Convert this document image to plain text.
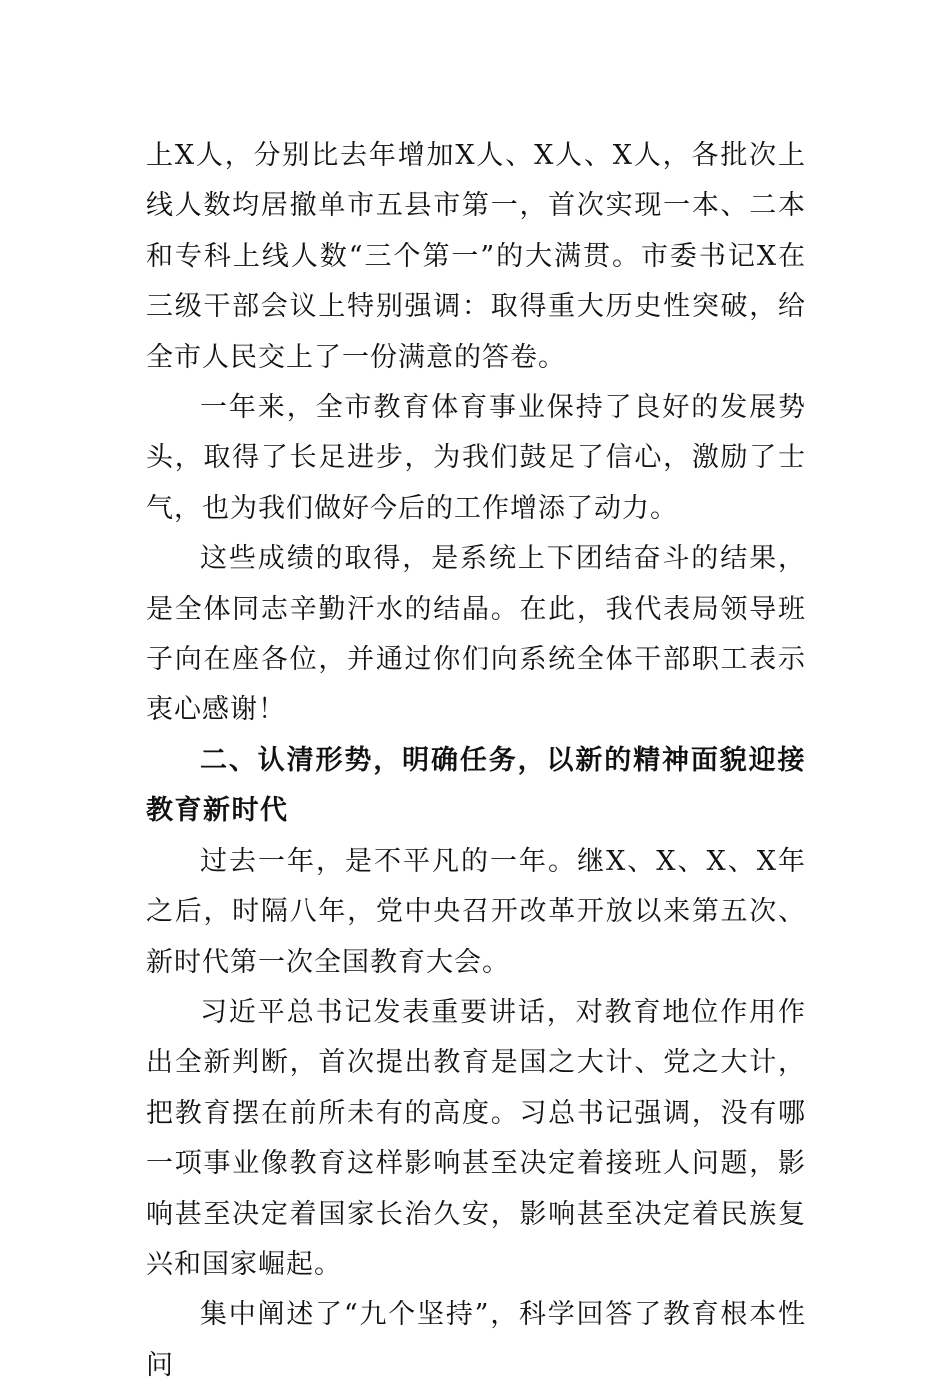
上X人，分别比去年增加X人、X人、X人，各批次上线人数均居撤单市五县市第一，首次实现一本、二本和专科上线人数“三个第一”的大满贯。市委书记X在三级干部会议上特别强调：取得重大历史性突破，给全市人民交上了一份满意的答卷。

一年来，全市教育体育事业保持了良好的发展势头，取得了长足进步，为我们鼓足了信心，激励了士气，也为我们做好今后的工作增添了动力。

这些成绩的取得，是系统上下团结奋斗的结果，是全体同志辛勤汗水的结晶。在此，我代表局领导班子向在座各位，并通过你们向系统全体干部职工表示衷心感谢！

二、认清形势，明确任务，以新的精神面貌迎接教育新时代

过去一年，是不平凡的一年。继X、X、X、X年之后，时隔八年，党中央召开改革开放以来第五次、新时代第一次全国教育大会。

习近平总书记发表重要讲话，对教育地位作用作出全新判断，首次提出教育是国之大计、党之大计，把教育摆在前所未有的高度。习总书记强调，没有哪一项事业像教育这样影响甚至决定着接班人问题，影响甚至决定着国家长治久安，影响甚至决定着民族复兴和国家崛起。

集中阐述了“九个坚持”，科学回答了教育根本性问
